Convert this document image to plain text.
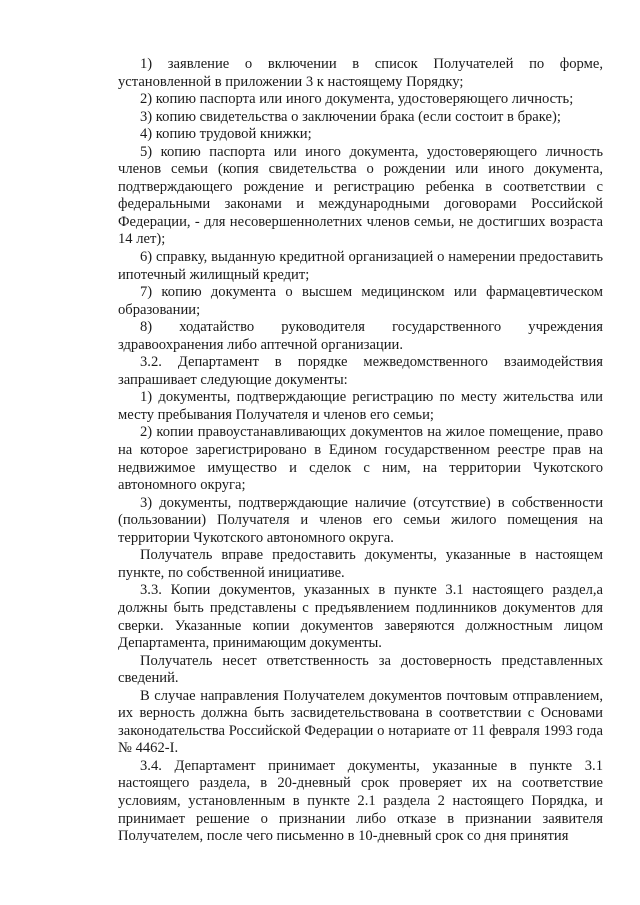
1) заявление о включении в список Получателей по форме, установленной в приложении 3 к настоящему Порядку;

2) копию паспорта или иного документа, удостоверяющего личность;

3) копию свидетельства о заключении брака (если состоит в браке);

4) копию трудовой книжки;

5) копию паспорта или иного документа, удостоверяющего личность членов семьи (копия свидетельства о рождении или иного документа, подтверждающего рождение и регистрацию ребенка в соответствии с федеральными законами и международными договорами Российской Федерации, - для несовершеннолетних членов семьи, не достигших возраста 14 лет);

6) справку, выданную кредитной организацией о намерении предоставить ипотечный жилищный кредит;

7) копию документа о высшем медицинском или фармацевтическом образовании;

8) ходатайство руководителя государственного учреждения здравоохранения либо аптечной организации.

3.2. Департамент в порядке межведомственного взаимодействия запрашивает следующие документы:

1) документы, подтверждающие регистрацию по месту жительства или месту пребывания Получателя и членов его семьи;

2) копии правоустанавливающих документов на жилое помещение, право на которое зарегистрировано в Едином государственном реестре прав на недвижимое имущество и сделок с ним, на территории Чукотского автономного округа;

3) документы, подтверждающие наличие (отсутствие) в собственности (пользовании) Получателя и членов его семьи жилого помещения на территории Чукотского автономного округа.

Получатель вправе предоставить документы, указанные в настоящем пункте, по собственной инициативе.

3.3. Копии документов, указанных в пункте 3.1 настоящего раздел,а должны быть представлены с предъявлением подлинников документов для сверки. Указанные копии документов заверяются должностным лицом Департамента, принимающим документы.

Получатель несет ответственность за достоверность представленных сведений.

В случае направления Получателем документов почтовым отправлением, их верность должна быть засвидетельствована в соответствии с Основами законодательства Российской Федерации о нотариате от 11 февраля 1993 года № 4462-I.

3.4. Департамент принимает документы, указанные в пункте 3.1 настоящего раздела, в 20-дневный срок проверяет их на соответствие условиям, установленным в пункте 2.1 раздела 2 настоящего Порядка, и принимает решение о признании либо отказе в признании заявителя Получателем, после чего письменно в 10-дневный срок со дня принятия
